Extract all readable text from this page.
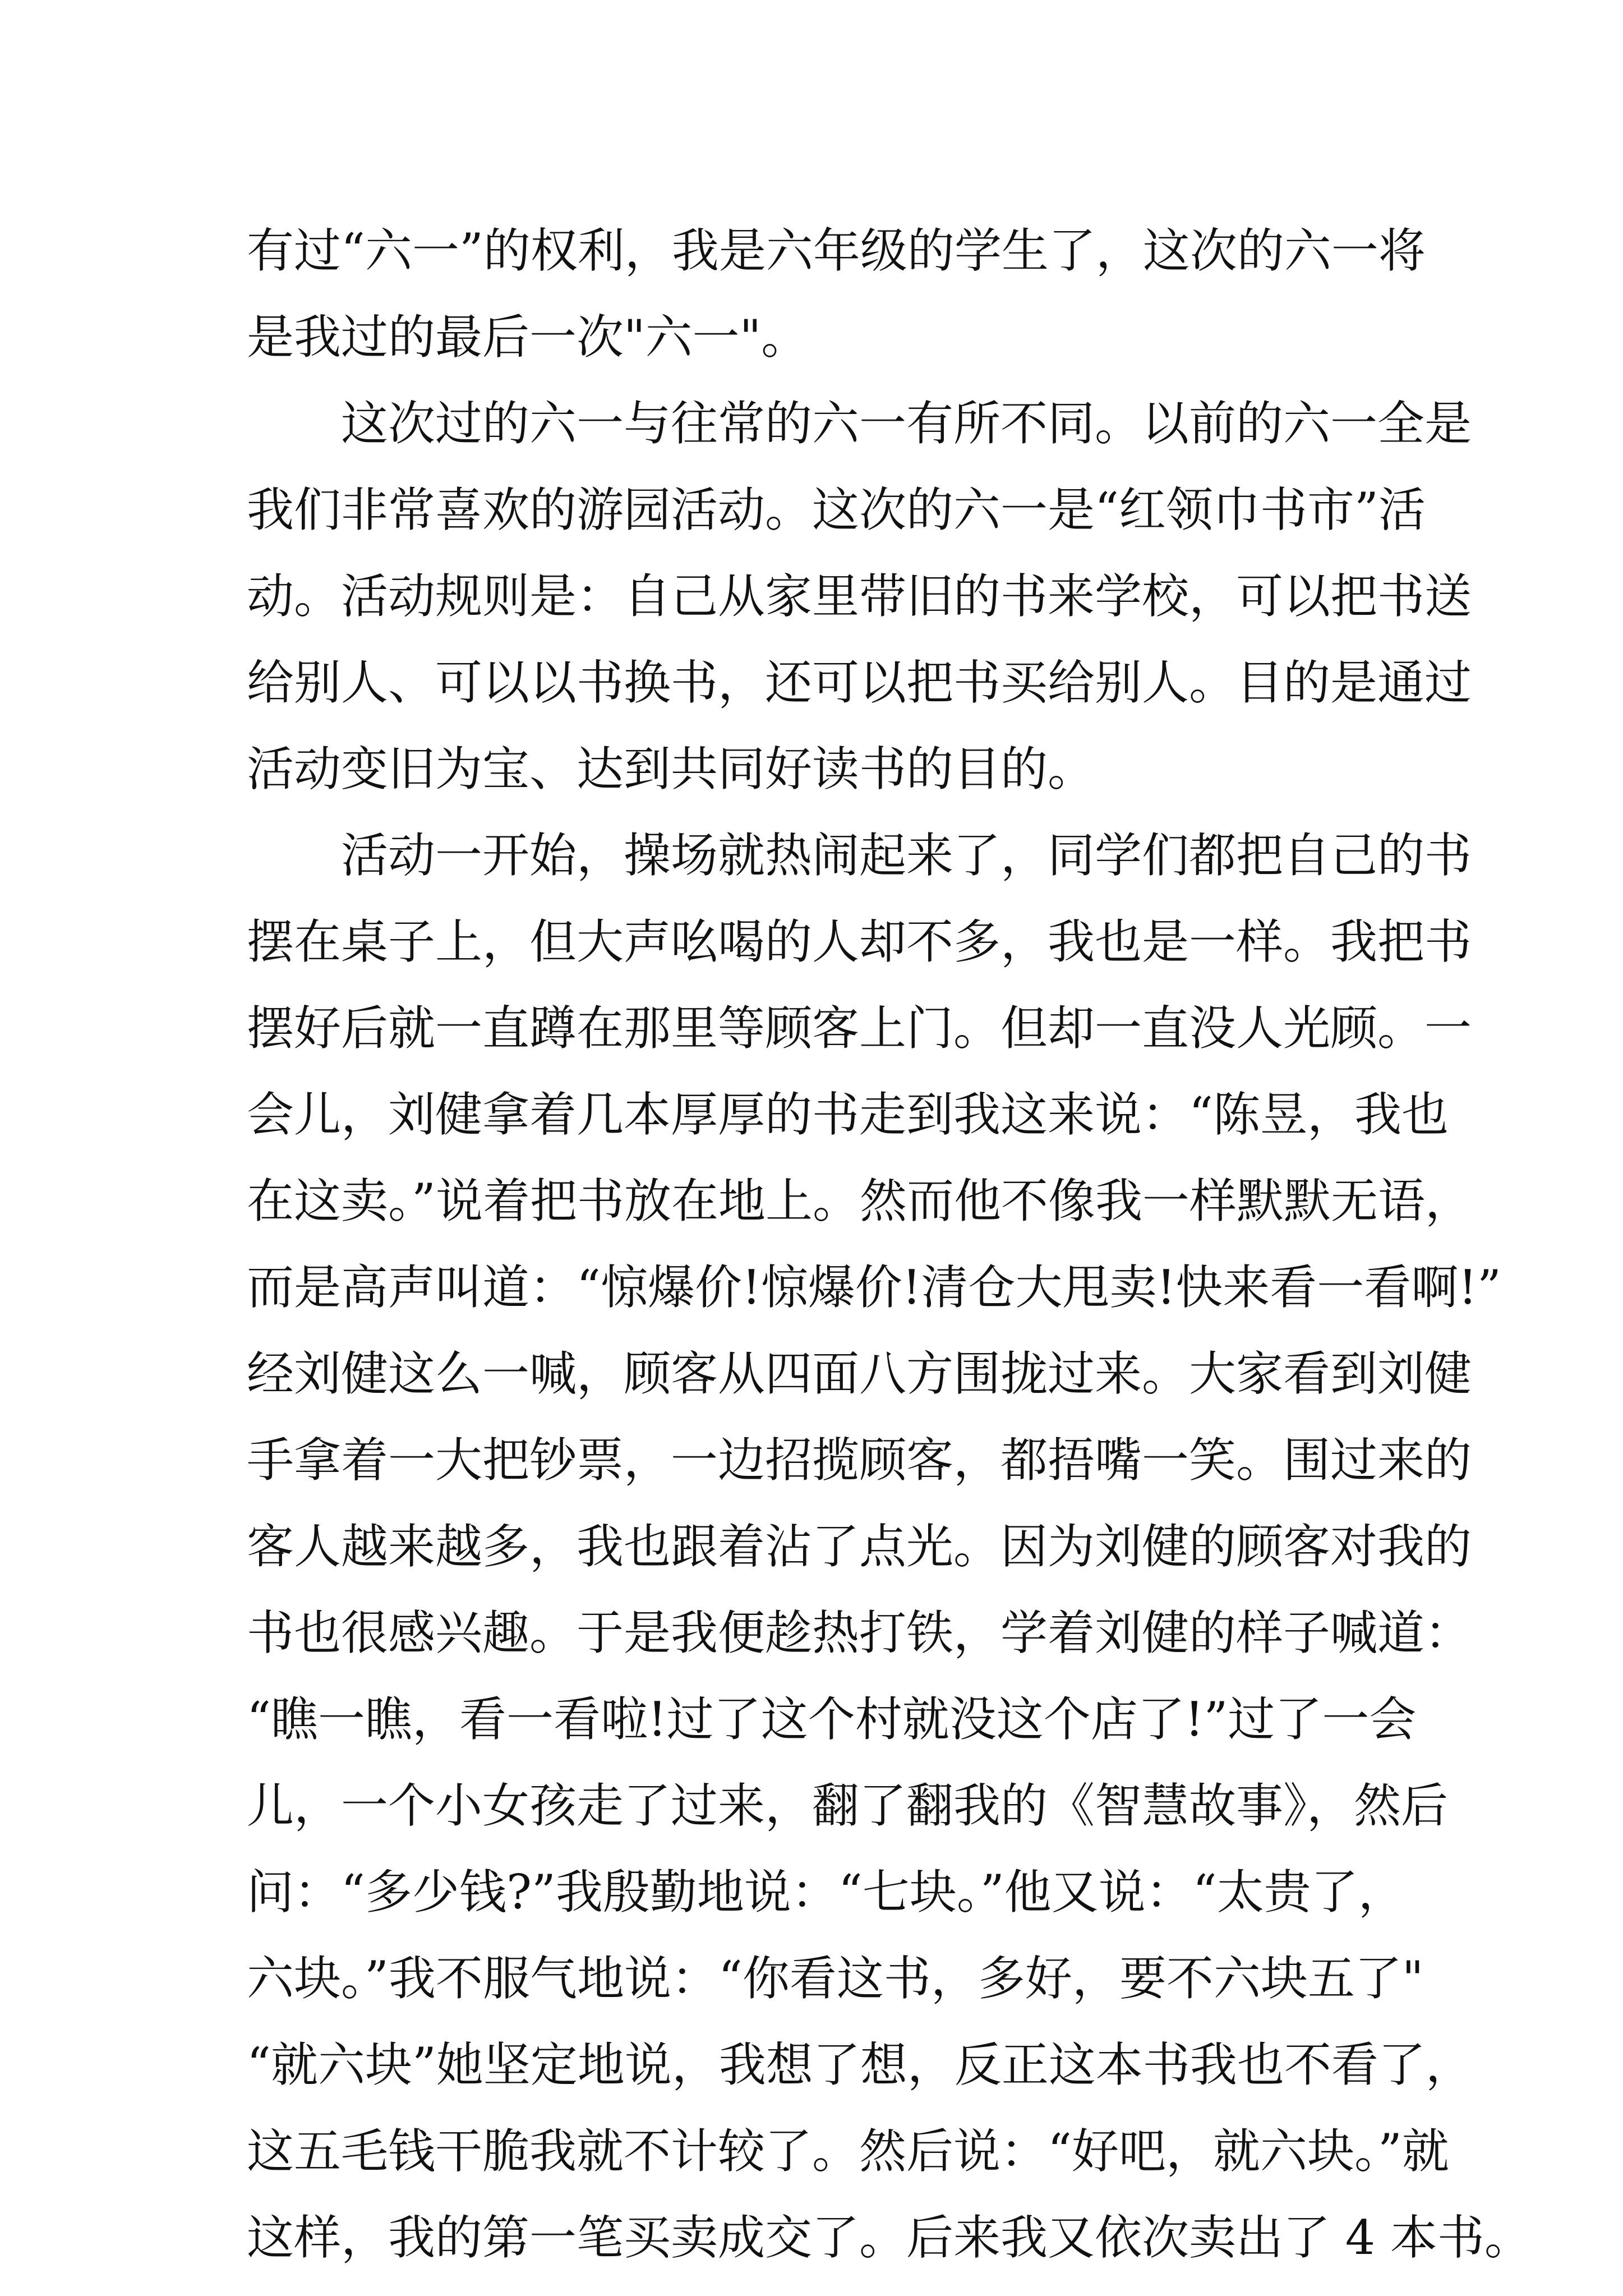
有过“六一”的权利，我是六年级的学生了，这次的六一将
是我过的最后一次"六一"。
这次过的六一与往常的六一有所不同。以前的六一全是
我们非常喜欢的游园活动。这次的六一是“红领巾书市”活
动。活动规则是：自己从家里带旧的书来学校，可以把书送
给别人、可以以书换书，还可以把书买给别人。目的是通过
活动变旧为宝、达到共同好读书的目的。
活动一开始，操场就热闹起来了，同学们都把自己的书
摆在桌子上，但大声吆喝的人却不多，我也是一样。我把书
摆好后就一直蹲在那里等顾客上门。但却一直没人光顾。一
会儿，刘健拿着几本厚厚的书走到我这来说：“陈昱，我也
在这卖。”说着把书放在地上。然而他不像我一样默默无语，
而是高声叫道：“惊爆价!惊爆价!清仓大甩卖!快来看一看啊!”
经刘健这么一喊，顾客从四面八方围拢过来。大家看到刘健
手拿着一大把钞票，一边招揽顾客，都捂嘴一笑。围过来的
客人越来越多，我也跟着沾了点光。因为刘健的顾客对我的
书也很感兴趣。于是我便趁热打铁，学着刘健的样子喊道：
“瞧一瞧，看一看啦!过了这个村就没这个店了!”过了一会
儿，一个小女孩走了过来，翻了翻我的《智慧故事》，然后
问：“多少钱?”我殷勤地说：“七块。”他又说：“太贵了，
六块。”我不服气地说：“你看这书，多好，要不六块五了"
“就六块”她坚定地说，我想了想，反正这本书我也不看了，
这五毛钱干脆我就不计较了。然后说：“好吧，就六块。”就
这样，我的第一笔买卖成交了。后来我又依次卖出了 4 本书。
